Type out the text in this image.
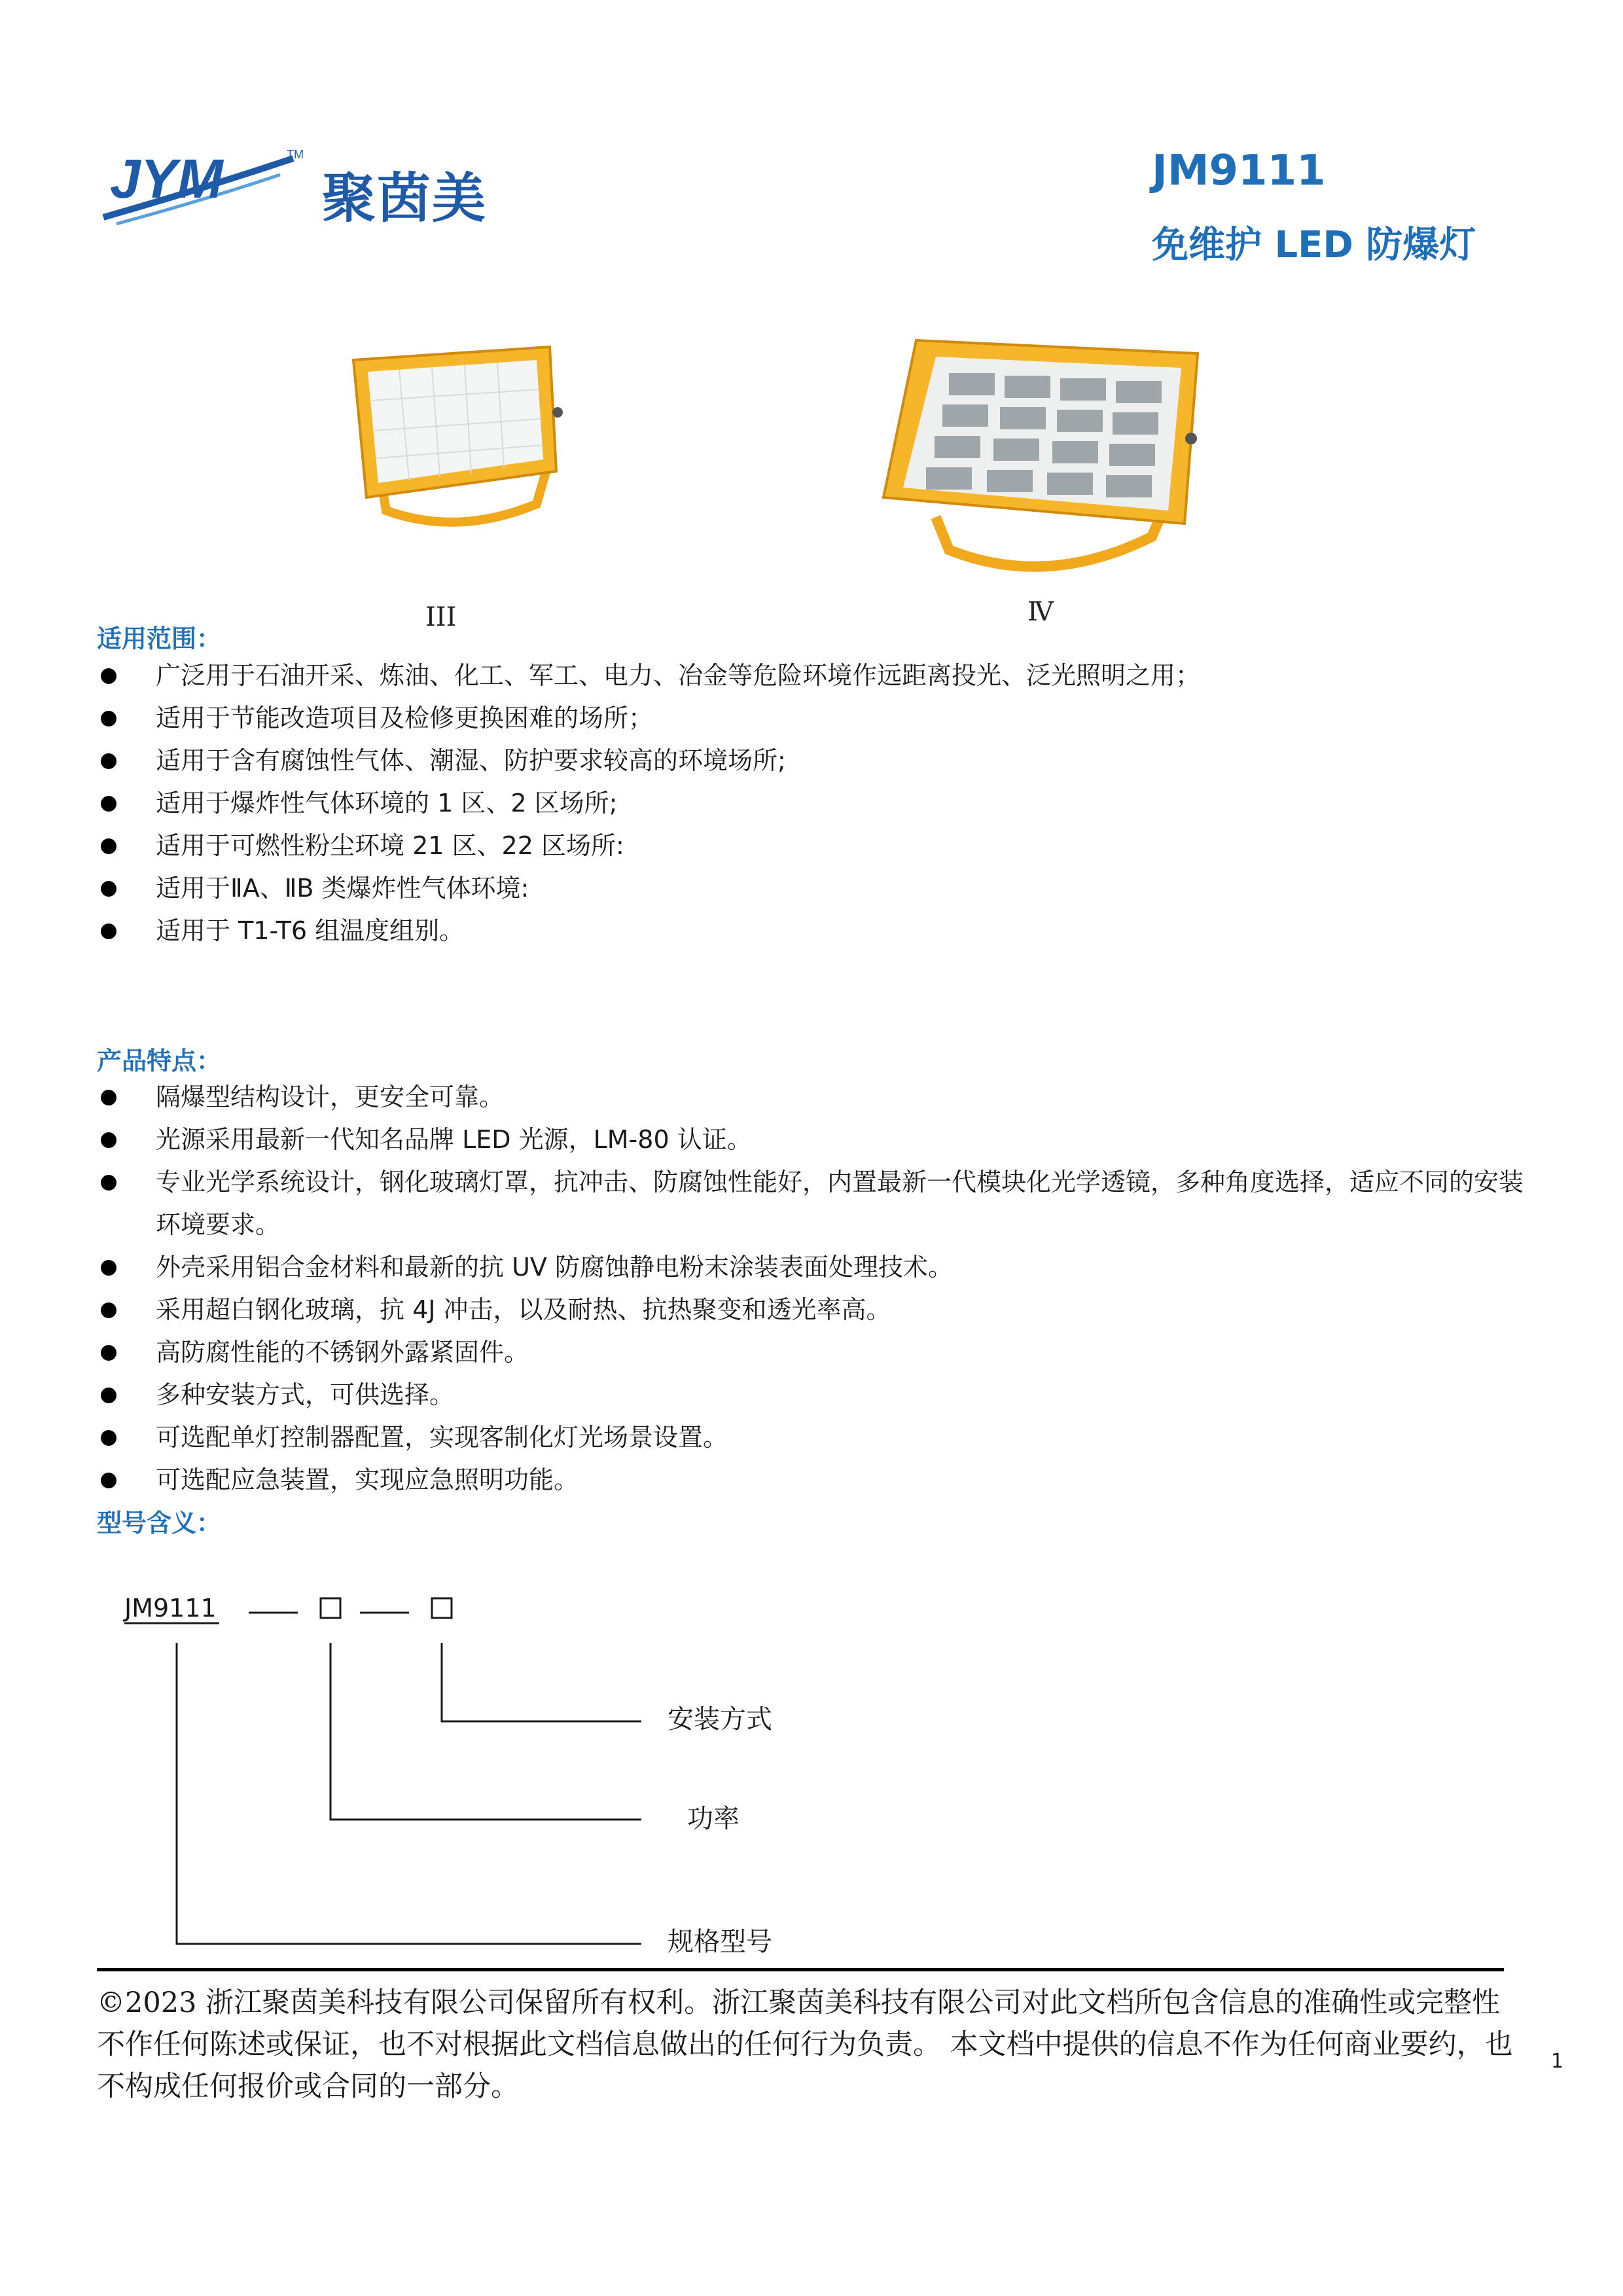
JYM	TM
聚茵美	JM9111
免维护 LED 防爆灯
III	Ⅳ
适用范围：
广泛用于石油开采、炼油、化工、军工、电力、冶金等危险环境作远距离投光、泛光照明之用；
适用于节能改造项目及检修更换困难的场所；
适用于含有腐蚀性气体、潮湿、防护要求较高的环境场所;
适用于爆炸性气体环境的 1 区、2 区场所;
适用于可燃性粉尘环境 21 区、22 区场所:
适用于ⅡA、ⅡB 类爆炸性气体环境:
适用于 T1-T6 组温度组别。
产品特点：
隔爆型结构设计，更安全可靠。
光源采用最新一代知名品牌 LED 光源，LM-80 认证。
专业光学系统设计，钢化玻璃灯罩，抗冲击、防腐蚀性能好，内置最新一代模块化光学透镜，多种角度选择，适应不同的安装环境要求。
外壳采用铝合金材料和最新的抗 UV 防腐蚀静电粉末涂装表面处理技术。
采用超白钢化玻璃，抗 4J 冲击，以及耐热、抗热聚变和透光率高。
高防腐性能的不锈钢外露紧固件。
多种安装方式，可供选择。
可选配单灯控制器配置，实现客制化灯光场景设置。
可选配应急装置，实现应急照明功能。
型号含义：
JM9111
安装方式
功率
规格型号
©2023 浙江聚茵美科技有限公司保留所有权利。浙江聚茵美科技有限公司对此文档所包含信息的准确性或完整性不作任何陈述或保证，也不对根据此文档信息做出的任何行为负责。 本文档中提供的信息不作为任何商业要约，也不构成任何报价或合同的一部分。
1
